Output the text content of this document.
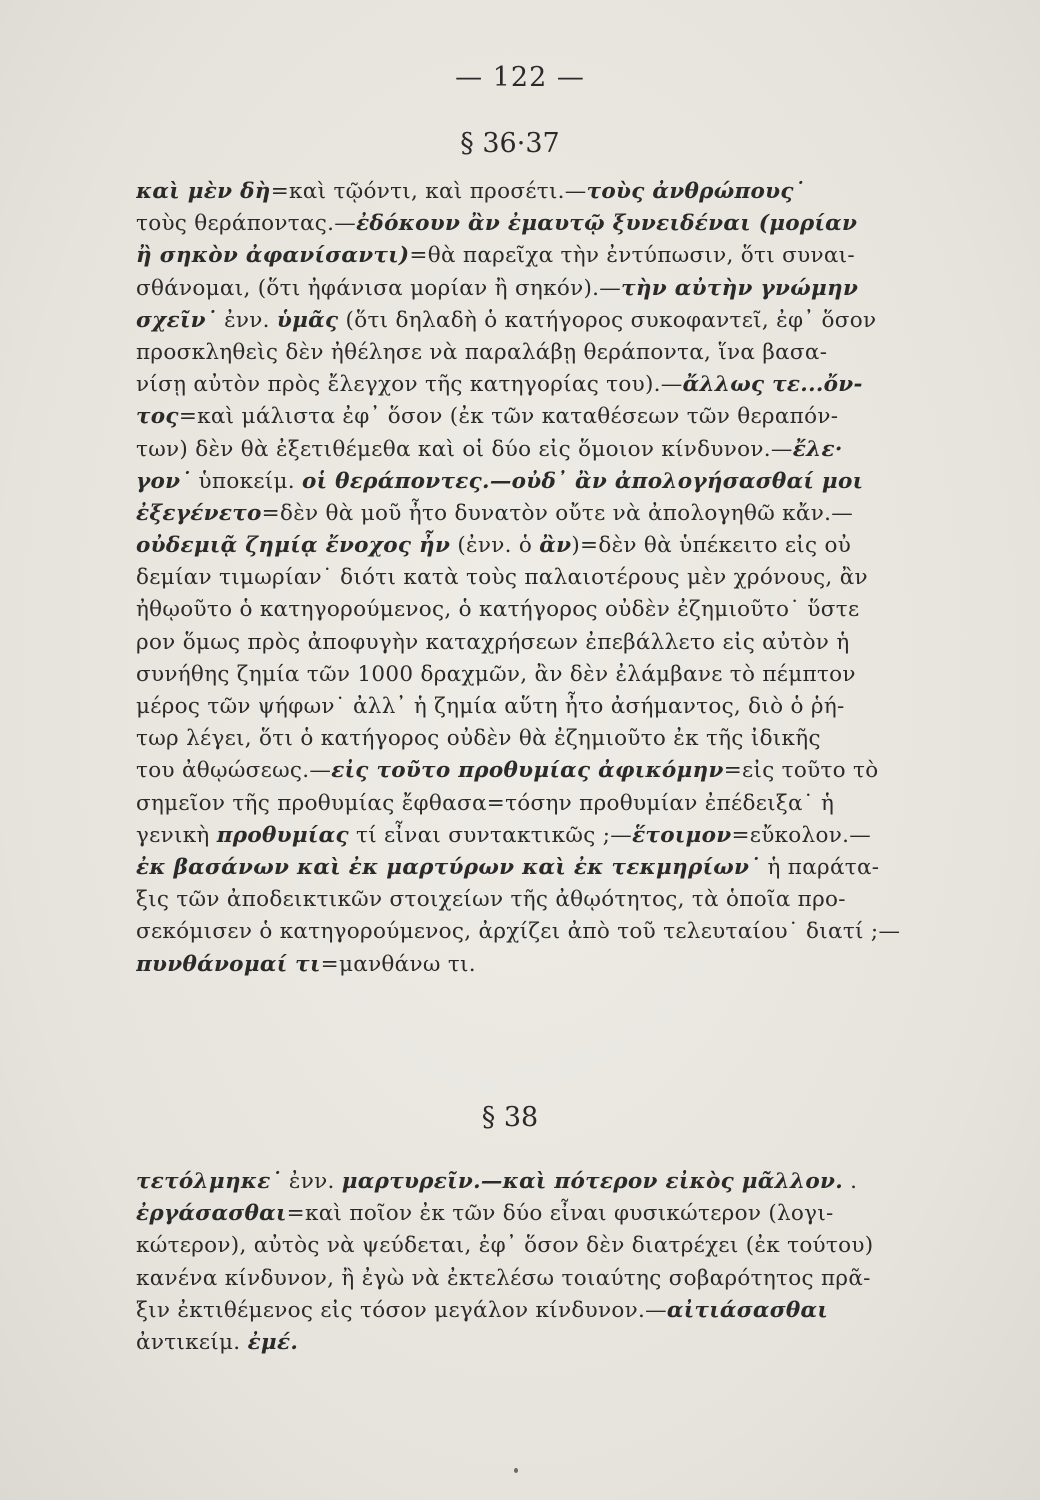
— 122 —
§ 36·37
καὶ μὲν δὴ=καὶ τῷόντι, καὶ προσέτι.—τοὺς ἀνθρώπους˙
τοὺς θεράποντας.—ἐδόκουν ἂν ἐμαυτῷ ξυνειδέναι (μορίαν
ἢ σηκὸν ἀφανίσαντι)=θὰ παρεῖχα τὴν ἐντύπωσιν, ὅτι συναι-
σθάνομαι, (ὅτι ἠφάνισα μορίαν ἢ σηκόν).—τὴν αὐτὴν γνώμην
σχεῖν˙ ἐνν. ὑμᾶς (ὅτι δηλαδὴ ὁ κατήγορος συκοφαντεῖ, ἐφ᾽ ὅσον
προσκληθεὶς δὲν ἠθέλησε νὰ παραλάβῃ θεράποντα, ἵνα βασα-
νίσῃ αὐτὸν πρὸς ἔλεγχον τῆς κατηγορίας του).—ἄλλως τε...ὄν-
τος=καὶ μάλιστα ἐφ᾽ ὅσον (ἐκ τῶν καταθέσεων τῶν θεραπόν-
των) δὲν θὰ ἐξετιθέμεθα καὶ οἱ δύο εἰς ὅμοιον κίνδυνον.—ἔλε·
γον˙ ὑποκείμ. οἱ θεράποντες.—οὐδ᾽ ἂν ἀπολογήσασθαί μοι
ἐξεγένετο=δὲν θὰ μοῦ ἦτο δυνατὸν οὔτε νὰ ἀπολογηθῶ κἄν.—
οὐδεμιᾷ ζημίᾳ ἔνοχος ἦν (ἐνν. ὁ ἂν)=δὲν θὰ ὑπέκειτο εἰς οὐ
δεμίαν τιμωρίαν˙ διότι κατὰ τοὺς παλαιοτέρους μὲν χρόνους, ἂν
ἠθῳοῦτο ὁ κατηγορούμενος, ὁ κατήγορος οὐδὲν ἐζημιοῦτο˙ ὕστε
ρον ὅμως πρὸς ἀποφυγὴν καταχρήσεων ἐπεβάλλετο εἰς αὐτὸν ἡ
συνήθης ζημία τῶν 1000 δραχμῶν, ἂν δὲν ἐλάμβανε τὸ πέμπτον
μέρος τῶν ψήφων˙ ἀλλ᾽ ἡ ζημία αὕτη ἦτο ἀσήμαντος, διὸ ὁ ῥή-
τωρ λέγει, ὅτι ὁ κατήγορος οὐδὲν θὰ ἐζημιοῦτο ἐκ τῆς ἰδικῆς
του ἀθῳώσεως.—εἰς τοῦτο προθυμίας ἀφικόμην=εἰς τοῦτο τὸ
σημεῖον τῆς προθυμίας ἔφθασα=τόσην προθυμίαν ἐπέδειξα˙ ἡ
γενικὴ προθυμίας τί εἶναι συντακτικῶς ;—ἕτοιμον=εὔκολον.—
ἐκ βασάνων καὶ ἐκ μαρτύρων καὶ ἐκ τεκμηρίων˙ ἡ παράτα-
ξις τῶν ἀποδεικτικῶν στοιχείων τῆς ἀθῳότητος, τὰ ὁποῖα προ-
σεκόμισεν ὁ κατηγορούμενος, ἀρχίζει ἀπὸ τοῦ τελευταίου˙ διατί ;—
πυνθάνομαί τι=μανθάνω τι.
§ 38
τετόλμηκε˙ ἐνν. μαρτυρεῖν.—καὶ πότερον εἰκὸς μᾶλλον. .
ἐργάσασθαι=καὶ ποῖον ἐκ τῶν δύο εἶναι φυσικώτερον (λογι-
κώτερον), αὐτὸς νὰ ψεύδεται, ἐφ᾽ ὅσον δὲν διατρέχει (ἐκ τούτου)
κανένα κίνδυνον, ἢ ἐγὼ νὰ ἐκτελέσω τοιαύτης σοβαρότητος πρᾶ-
ξιν ἐκτιθέμενος εἰς τόσον μεγάλον κίνδυνον.—αἰτιάσασθαι
ἀντικείμ. ἐμέ.
